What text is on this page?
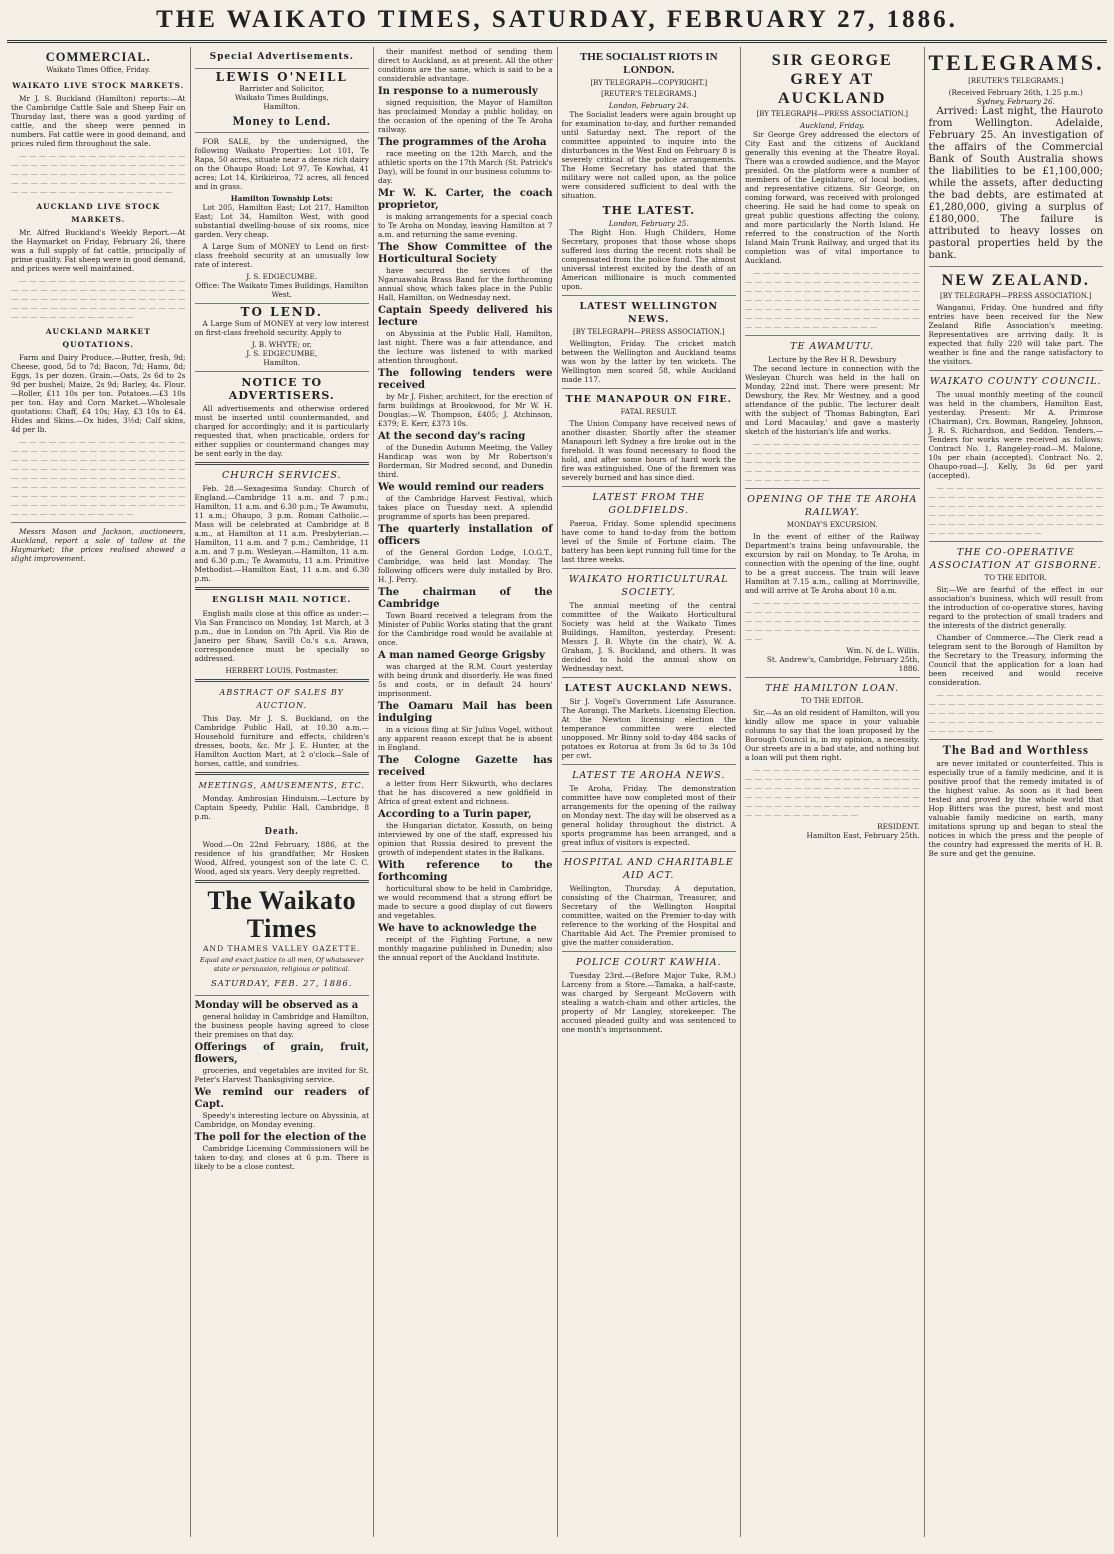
THE WAIKATO TIMES, SATURDAY, FEBRUARY 27, 1886.
COMMERCIAL.
Waikato Times Office, Friday.
WAIKATO LIVE STOCK MARKETS.

Mr J. S. Buckland (Hamilton) reports:—At the Cambridge Cattle Sale and Sheep Fair on Thursday last, there was a good yarding of cattle, and the sheep were penned in numbers. Fat cattle were in good demand, and prices ruled firm throughout the sale.

— — — — — — — — — — — — — — — — — — — — — — — — — — — — — — — — — — — — — — — — — — — — — — — — — — — — — — — — — — — — — — — — — — — — — — — — — — — — — — — — — — — — — — — —

AUCKLAND LIVE STOCK MARKETS.

Mr. Alfred Buckland's Weekly Report.—At the Haymarket on Friday, February 26, there was a full supply of fat cattle, principally of prime quality. Fat sheep were in good demand, and prices were well maintained.

— — — — — — — — — — — — — — — — — — — — — — — — — — — — — — — — — — — — — — — — — — — — — — — — — — — — — — — — — — — — — — — — — — — — — — — — — — — — — — — — — — — —

AUCKLAND MARKET QUOTATIONS.

Farm and Dairy Produce.—Butter, fresh, 9d; Cheese, good, 5d to 7d; Bacon, 7d; Hams, 8d; Eggs, 1s per dozen. Grain.—Oats, 2s 6d to 2s 9d per bushel; Maize, 2s 9d; Barley, 4s. Flour.—Roller, £11 10s per ton. Potatoes.—£3 10s per ton. Hay and Corn Market.—Wholesale quotations: Chaff, £4 10s; Hay, £3 10s to £4. Hides and Skins.—Ox hides, 3½d; Calf skins, 4d per lb.

— — — — — — — — — — — — — — — — — — — — — — — — — — — — — — — — — — — — — — — — — — — — — — — — — — — — — — — — — — — — — — — — — — — — — — — — — — — — — — — — — — — — — — — — — — — — — — — — — — — — — — — — — — — — — — — — — — — — — — — — — — — — — — — — — — — — — — — — — — — — — — — — — — — — — — — — — — — —

Messrs Mason and Jackson, auctioneers, Auckland, report a sale of tallow at the Haymarket; the prices realised showed a slight improvement.

Special Advertisements.
LEWIS O'NEILL
Barrister and Solicitor,
Waikato Times Buildings,
Hamilton.
Money to Lend.

FOR SALE, by the undersigned, the following Waikato Properties: Lot 101, Te Rapa, 50 acres, situate near a dense rich dairy on the Ohaupo Road; Lot 97, Te Kowhai, 41 acres; Lot 14, Kirikiriroa, 72 acres, all fenced and in grass.

Hamilton Township Lots:

Lot 205, Hamilton East; Lot 217, Hamilton East; Lot 34, Hamilton West, with good substantial dwelling-house of six rooms, nice garden. Very cheap.

A Large Sum of MONEY to Lend on first-class freehold security at an unusually low rate of interest.

J. S. EDGECUMBE.
Office: The Waikato Times Buildings, Hamilton West.
TO LEND.

A Large Sum of MONEY at very low interest on first-class freehold security. Apply to

J. B. WHYTE; or,
J. S. EDGECUMBE,
Hamilton.
NOTICE TO ADVERTISERS.

All advertisements and otherwise ordered must be inserted until countermanded, and charged for accordingly; and it is particularly requested that, when practicable, orders for either supplies or countermand changes may be sent early in the day.

CHURCH SERVICES.

Feb. 28.—Sexagesima Sunday. Church of England.—Cambridge 11 a.m. and 7 p.m.; Hamilton, 11 a.m. and 6.30 p.m.; Te Awamutu, 11 a.m.; Ohaupo, 3 p.m. Roman Catholic.—Mass will be celebrated at Cambridge at 8 a.m., at Hamilton at 11 a.m. Presbyterian.—Hamilton, 11 a.m. and 7 p.m.; Cambridge, 11 a.m. and 7 p.m. Wesleyan.—Hamilton, 11 a.m. and 6.30 p.m.; Te Awamutu, 11 a.m. Primitive Methodist.—Hamilton East, 11 a.m. and 6.30 p.m.

ENGLISH MAIL NOTICE.

English mails close at this office as under:—Via San Francisco on Monday, 1st March, at 3 p.m., due in London on 7th April. Via Rio de Janeiro per Shaw, Savill Co.'s s.s. Arawa, correspondence must be specially so addressed.

HERBERT LOUIS, Postmaster.
ABSTRACT OF SALES BY AUCTION.

This Day. Mr J. S. Buckland, on the Cambridge Public Hall, at 10.30 a.m.—Household furniture and effects, children's dresses, boots, &c. Mr J. E. Hunter, at the Hamilton Auction Mart, at 2 o'clock—Sale of horses, cattle, and sundries.

MEETINGS, AMUSEMENTS, ETC.

Monday. Ambrosian Hinduism.—Lecture by Captain Speedy, Public Hall, Cambridge, 8 p.m.

Death.

Wood.—On 22nd February, 1886, at the residence of his grandfather, Mr Hosken Wood, Alfred, youngest son of the late C. C. Wood, aged six years. Very deeply regretted.

The Waikato Times
AND THAMES VALLEY GAZETTE.
Equal and exact justice to all men, Of whatsoever state or persuasion, religious or political.
SATURDAY, FEB. 27, 1886.
Monday will be observed as a

general holiday in Cambridge and Hamilton, the business people having agreed to close their premises on that day.

Offerings of grain, fruit, flowers,

groceries, and vegetables are invited for St. Peter's Harvest Thanksgiving service.

We remind our readers of Capt.

Speedy's interesting lecture on Abyssinia, at Cambridge, on Monday evening.

The poll for the election of the

Cambridge Licensing Commissioners will be taken to-day, and closes at 6 p.m. There is likely to be a close contest.

their manifest method of sending them direct to Auckland, as at present. All the other conditions are the same, which is said to be a considerable advantage.

In response to a numerously

signed requisition, the Mayor of Hamilton has proclaimed Monday a public holiday, on the occasion of the opening of the Te Aroha railway.

The programmes of the Aroha

race meeting on the 12th March, and the athletic sports on the 17th March (St. Patrick's Day), will be found in our business columns to-day.

Mr W. K. Carter, the coach proprietor,

is making arrangements for a special coach to Te Aroha on Monday, leaving Hamilton at 7 a.m. and returning the same evening.

The Show Committee of the Horticultural Society

have secured the services of the Ngaruawahia Brass Band for the forthcoming annual show, which takes place in the Public Hall, Hamilton, on Wednesday next.

Captain Speedy delivered his lecture

on Abyssinia at the Public Hall, Hamilton, last night. There was a fair attendance, and the lecture was listened to with marked attention throughout.

The following tenders were received

by Mr J. Fisher, architect, for the erection of farm buildings at Brookwood, for Mr W. H. Douglas:—W. Thompson, £405; J. Atchinson, £379; E. Kerr, £373 10s.

At the second day's racing

of the Dunedin Autumn Meeting, the Valley Handicap was won by Mr Robertson's Borderman, Sir Modred second, and Dunedin third.

We would remind our readers

of the Cambridge Harvest Festival, which takes place on Tuesday next. A splendid programme of sports has been prepared.

The quarterly installation of officers

of the General Gordon Lodge, I.O.G.T., Cambridge, was held last Monday. The following officers were duly installed by Bro. H. J. Perry.

The chairman of the Cambridge

Town Board received a telegram from the Minister of Public Works stating that the grant for the Cambridge road would be available at once.

A man named George Grigsby

was charged at the R.M. Court yesterday with being drunk and disorderly. He was fined 5s and costs, or in default 24 hours' imprisonment.

The Oamaru Mail has been indulging

in a vicious fling at Sir Julius Vogel, without any apparent reason except that he is absent in England.

The Cologne Gazette has received

a letter from Herr Sikwurth, who declares that he has discovered a new goldfield in Africa of great extent and richness.

According to a Turin paper,

the Hungarian dictator, Kossuth, on being interviewed by one of the staff, expressed his opinion that Russia desired to prevent the growth of independent states in the Balkans.

With reference to the forthcoming

horticultural show to be held in Cambridge, we would recommend that a strong effort be made to secure a good display of cut flowers and vegetables.

We have to acknowledge the

receipt of the Fighting Fortune, a new monthly magazine published in Dunedin; also the annual report of the Auckland Institute.

THE SOCIALIST RIOTS IN LONDON.
[BY TELEGRAPH—COPYRIGHT.]
[REUTER'S TELEGRAMS.]
London, February 24.

The Socialist leaders were again brought up for examination to-day, and further remanded until Saturday next. The report of the committee appointed to inquire into the disturbances in the West End on February 8 is severely critical of the police arrangements. The Home Secretary has stated that the military were not called upon, as the police were considered sufficient to deal with the situation.

THE LATEST.
London, February 25.

The Right Hon. Hugh Childers, Home Secretary, proposes that those whose shops suffered loss during the recent riots shall be compensated from the police fund. The almost universal interest excited by the death of an American millionaire is much commented upon.

LATEST WELLINGTON NEWS.
[BY TELEGRAPH—PRESS ASSOCIATION.]

Wellington, Friday. The cricket match between the Wellington and Auckland teams was won by the latter by ten wickets. The Wellington men scored 58, while Auckland made 117.

THE MANAPOUR ON FIRE.
FATAL RESULT.

The Union Company have received news of another disaster. Shortly after the steamer Manapouri left Sydney a fire broke out in the forehold. It was found necessary to flood the hold, and after some hours of hard work the fire was extinguished. One of the firemen was severely burned and has since died.

LATEST FROM THE GOLDFIELDS.

Paeroa, Friday. Some splendid specimens have come to hand to-day from the bottom level of the Smile of Fortune claim. The battery has been kept running full time for the last three weeks.

WAIKATO HORTICULTURAL SOCIETY.

The annual meeting of the central committee of the Waikato Horticultural Society was held at the Waikato Times Buildings, Hamilton, yesterday. Present: Messrs J. B. Whyte (in the chair), W. A. Graham, J. S. Buckland, and others. It was decided to hold the annual show on Wednesday next.

LATEST AUCKLAND NEWS.

Sir J. Vogel's Government Life Assurance. The Aorangi. The Markets. Licensing Election. At the Newton licensing election the temperance committee were elected unopposed. Mr Binny sold to-day 484 sacks of potatoes ex Rotorua at from 3s 6d to 3s 10d per cwt.

LATEST TE AROHA NEWS.

Te Aroha, Friday. The demonstration committee have now completed most of their arrangements for the opening of the railway on Monday next. The day will be observed as a general holiday throughout the district. A sports programme has been arranged, and a great influx of visitors is expected.

HOSPITAL AND CHARITABLE AID ACT.

Wellington, Thursday. A deputation, consisting of the Chairman, Treasurer, and Secretary of the Wellington Hospital committee, waited on the Premier to-day with reference to the working of the Hospital and Charitable Aid Act. The Premier promised to give the matter consideration.

POLICE COURT KAWHIA.

Tuesday 23rd.—(Before Major Tuke, R.M.) Larceny from a Store.—Tamaka, a half-caste, was charged by Sergeant McGovern with stealing a watch-chain and other articles, the property of Mr Langley, storekeeper. The accused pleaded guilty and was sentenced to one month's imprisonment.

SIR GEORGE GREY AT AUCKLAND
[BY TELEGRAPH—PRESS ASSOCIATION.]
Auckland, Friday.

Sir George Grey addressed the electors of City East and the citizens of Auckland generally this evening at the Theatre Royal. There was a crowded audience, and the Mayor presided. On the platform were a number of members of the Legislature, of local bodies, and representative citizens. Sir George, on coming forward, was received with prolonged cheering. He said he had come to speak on great public questions affecting the colony, and more particularly the North Island. He referred to the construction of the North Island Main Trunk Railway, and urged that its completion was of vital importance to Auckland.

— — — — — — — — — — — — — — — — — — — — — — — — — — — — — — — — — — — — — — — — — — — — — — — — — — — — — — — — — — — — — — — — — — — — — — — — — — — — — — — — — — — — — — — — — — — — — — — — — — — — — — — — — — — — — — — — — — — — — — — — —

TE AWAMUTU.
Lecture by the Rev H R. Dewsbury

The second lecture in connection with the Wesleyan Church was held in the hall on Monday, 22nd inst. There were present: Mr Dewsbury, the Rev. Mr Westney, and a good attendance of the public. The lecturer dealt with the subject of 'Thomas Babington, Earl and Lord Macaulay,' and gave a masterly sketch of the historian's life and works.

— — — — — — — — — — — — — — — — — — — — — — — — — — — — — — — — — — — — — — — — — — — — — — — — — — — — — — — — — — — — — — — — — — — — — — — — — — — — — — — —

OPENING OF THE TE AROHA RAILWAY.
MONDAY'S EXCURSION.

In the event of either of the Railway Department's trains being unfavourable, the excursion by rail on Monday, to Te Aroha, in connection with the opening of the line, ought to be a great success. The train will leave Hamilton at 7.15 a.m., calling at Morrinsville, and will arrive at Te Aroha about 10 a.m.

— — — — — — — — — — — — — — — — — — — — — — — — — — — — — — — — — — — — — — — — — — — — — — — — — — — — — — — — — — — — — — — — — — — — — — — — —

Wm. N. de L. Willis.
St. Andrew's, Cambridge, February 25th, 1886.
THE HAMILTON LOAN.
TO THE EDITOR.

Sir,—As an old resident of Hamilton, will you kindly allow me space in your valuable columns to say that the loan proposed by the Borough Council is, in my opinion, a necessity. Our streets are in a bad state, and nothing but a loan will put them right.

— — — — — — — — — — — — — — — — — — — — — — — — — — — — — — — — — — — — — — — — — — — — — — — — — — — — — — — — — — — — — — — — — — — — — — — — — — — — — — — — — — — — — — — — — — — — — — — — — — — — —

RESIDENT.
Hamilton East, February 25th.
TELEGRAMS.
[REUTER'S TELEGRAMS.]
(Received February 26th, 1.25 p.m.)
Sydney, February 26.

Arrived: Last night, the Hauroto from Wellington. Adelaide, February 25. An investigation of the affairs of the Commercial Bank of South Australia shows the liabilities to be £1,100,000; while the assets, after deducting the bad debts, are estimated at £1,280,000, giving a surplus of £180,000. The failure is attributed to heavy losses on pastoral properties held by the bank.

NEW ZEALAND.
[BY TELEGRAPH—PRESS ASSOCIATION.]

Wanganui, Friday. One hundred and fifty entries have been received for the New Zealand Rifle Association's meeting. Representatives are arriving daily. It is expected that fully 220 will take part. The weather is fine and the range satisfactory to the visitors.

WAIKATO COUNTY COUNCIL.

The usual monthly meeting of the council was held in the chambers, Hamilton East, yesterday. Present: Mr A. Primrose (Chairman), Crs. Bowman, Rangeley, Johnson, J. R. S. Richardson, and Seddon. Tenders.—Tenders for works were received as follows: Contract No. 1, Rangeley-road—M. Malone, 10s per chain (accepted). Contract No. 2, Ohaupo-road—J. Kelly, 3s 6d per yard (accepted).

— — — — — — — — — — — — — — — — — — — — — — — — — — — — — — — — — — — — — — — — — — — — — — — — — — — — — — — — — — — — — — — — — — — — — — — — — — — — — — — — — — — — — — — — — — — — — — — — — — — — —

THE CO-OPERATIVE ASSOCIATION AT GISBORNE.
TO THE EDITOR.

Sir,—We are fearful of the effect in our association's business, which will result from the introduction of co-operative stores, having regard to the protection of small traders and the interests of the district generally.

Chamber of Commerce.—The Clerk read a telegram sent to the Borough of Hamilton by the Secretary to the Treasury, informing the Council that the application for a loan had been received and would receive consideration.

— — — — — — — — — — — — — — — — — — — — — — — — — — — — — — — — — — — — — — — — — — — — — — — — — — — — — — — — — — — — — — — — — — — — — — — — — — — — — —

The Bad and Worthless

are never imitated or counterfeited. This is especially true of a family medicine, and it is positive proof that the remedy imitated is of the highest value. As soon as it had been tested and proved by the whole world that Hop Bitters was the purest, best and most valuable family medicine on earth, many imitations sprung up and began to steal the notices in which the press and the people of the country had expressed the merits of H. B. Be sure and get the genuine.
